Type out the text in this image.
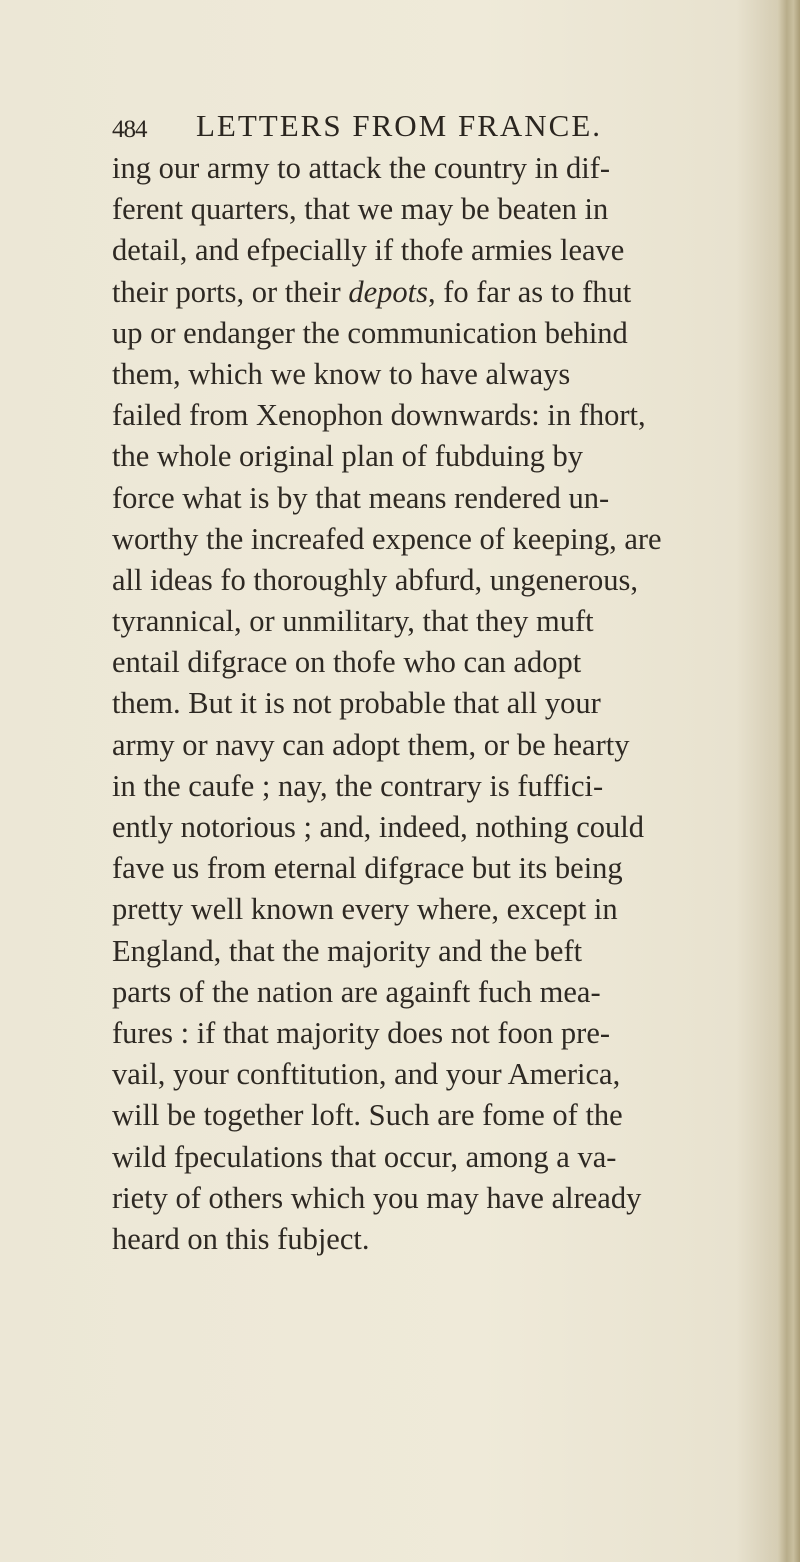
484 LETTERS FROM FRANCE.
ing our army to attack the country in dif-
ferent quarters, that we may be beaten in
detail, and efpecially if thofe armies leave
their ports, or their depots, fo far as to fhut
up or endanger the communication behind
them, which we know to have always
failed from Xenophon downwards: in fhort,
the whole original plan of fubduing by
force what is by that means rendered un-
worthy the increafed expence of keeping, are
all ideas fo thoroughly abfurd, ungenerous,
tyrannical, or unmilitary, that they muft
entail difgrace on thofe who can adopt
them. But it is not probable that all your
army or navy can adopt them, or be hearty
in the caufe ; nay, the contrary is fuffici-
ently notorious ; and, indeed, nothing could
fave us from eternal difgrace but its being
pretty well known every where, except in
England, that the majority and the beft
parts of the nation are againft fuch mea-
fures : if that majority does not foon pre-
vail, your conftitution, and your America,
will be together loft. Such are fome of the
wild fpeculations that occur, among a va-
riety of others which you may have already
heard on this fubject.
